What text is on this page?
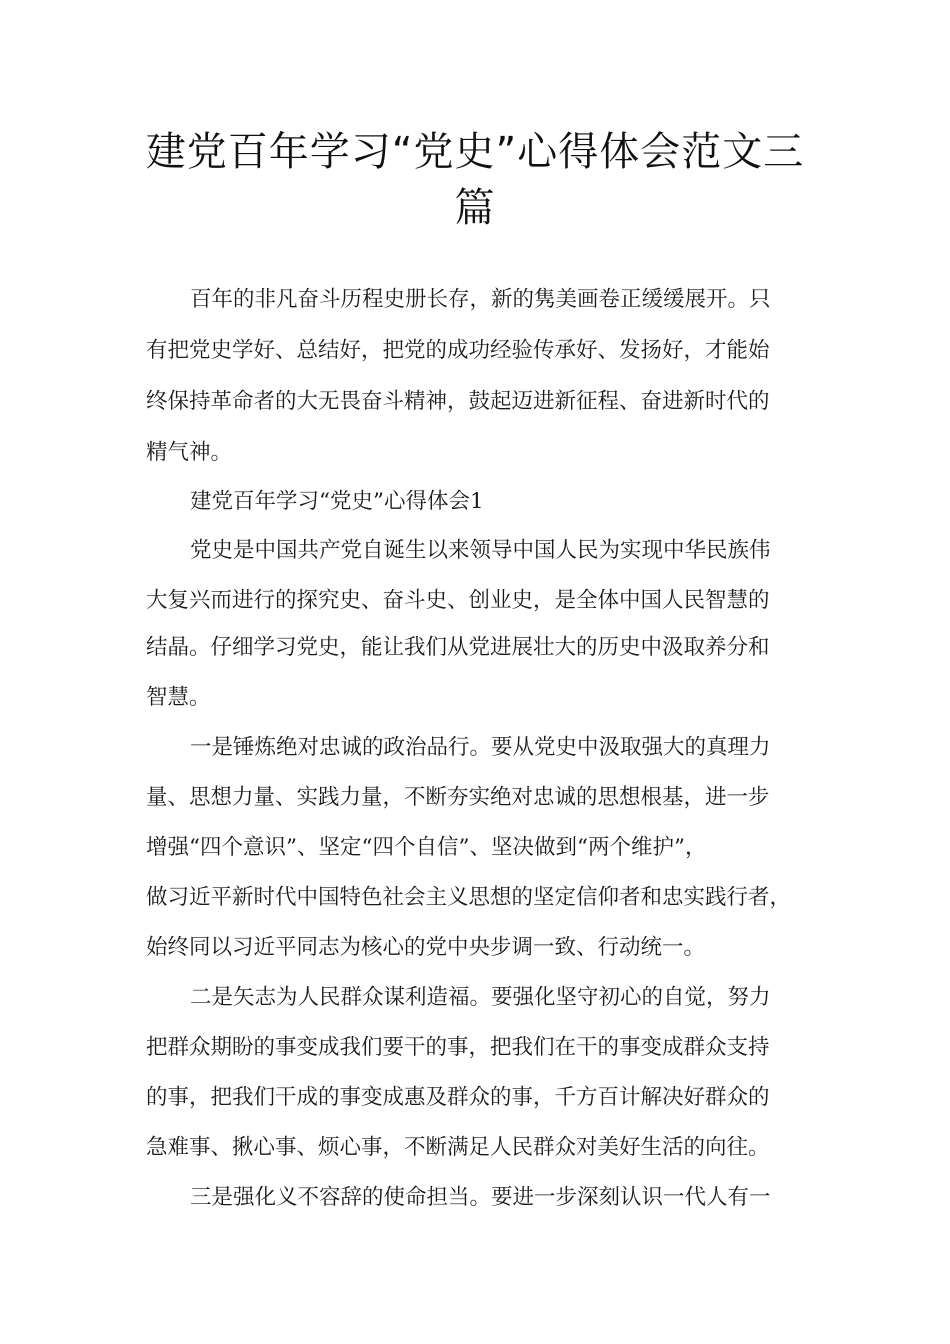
建党百年学习“党史”心得体会范文三
篇
百年的非凡奋斗历程史册长存，新的隽美画卷正缓缓展开。只
有把党史学好、总结好，把党的成功经验传承好、发扬好，才能始
终保持革命者的大无畏奋斗精神，鼓起迈进新征程、奋进新时代的
精气神。
建党百年学习“党史”心得体会1
党史是中国共产党自诞生以来领导中国人民为实现中华民族伟
大复兴而进行的探究史、奋斗史、创业史，是全体中国人民智慧的
结晶。仔细学习党史，能让我们从党进展壮大的历史中汲取养分和
智慧。
一是锤炼绝对忠诚的政治品行。要从党史中汲取强大的真理力
量、思想力量、实践力量，不断夯实绝对忠诚的思想根基，进一步
增强“四个意识”、坚定“四个自信”、坚决做到“两个维护”，
做习近平新时代中国特色社会主义思想的坚定信仰者和忠实践行者，
始终同以习近平同志为核心的党中央步调一致、行动统一。
二是矢志为人民群众谋利造福。要强化坚守初心的自觉，努力
把群众期盼的事变成我们要干的事，把我们在干的事变成群众支持
的事，把我们干成的事变成惠及群众的事，千方百计解决好群众的
急难事、揪心事、烦心事，不断满足人民群众对美好生活的向往。
三是强化义不容辞的使命担当。要进一步深刻认识一代人有一
